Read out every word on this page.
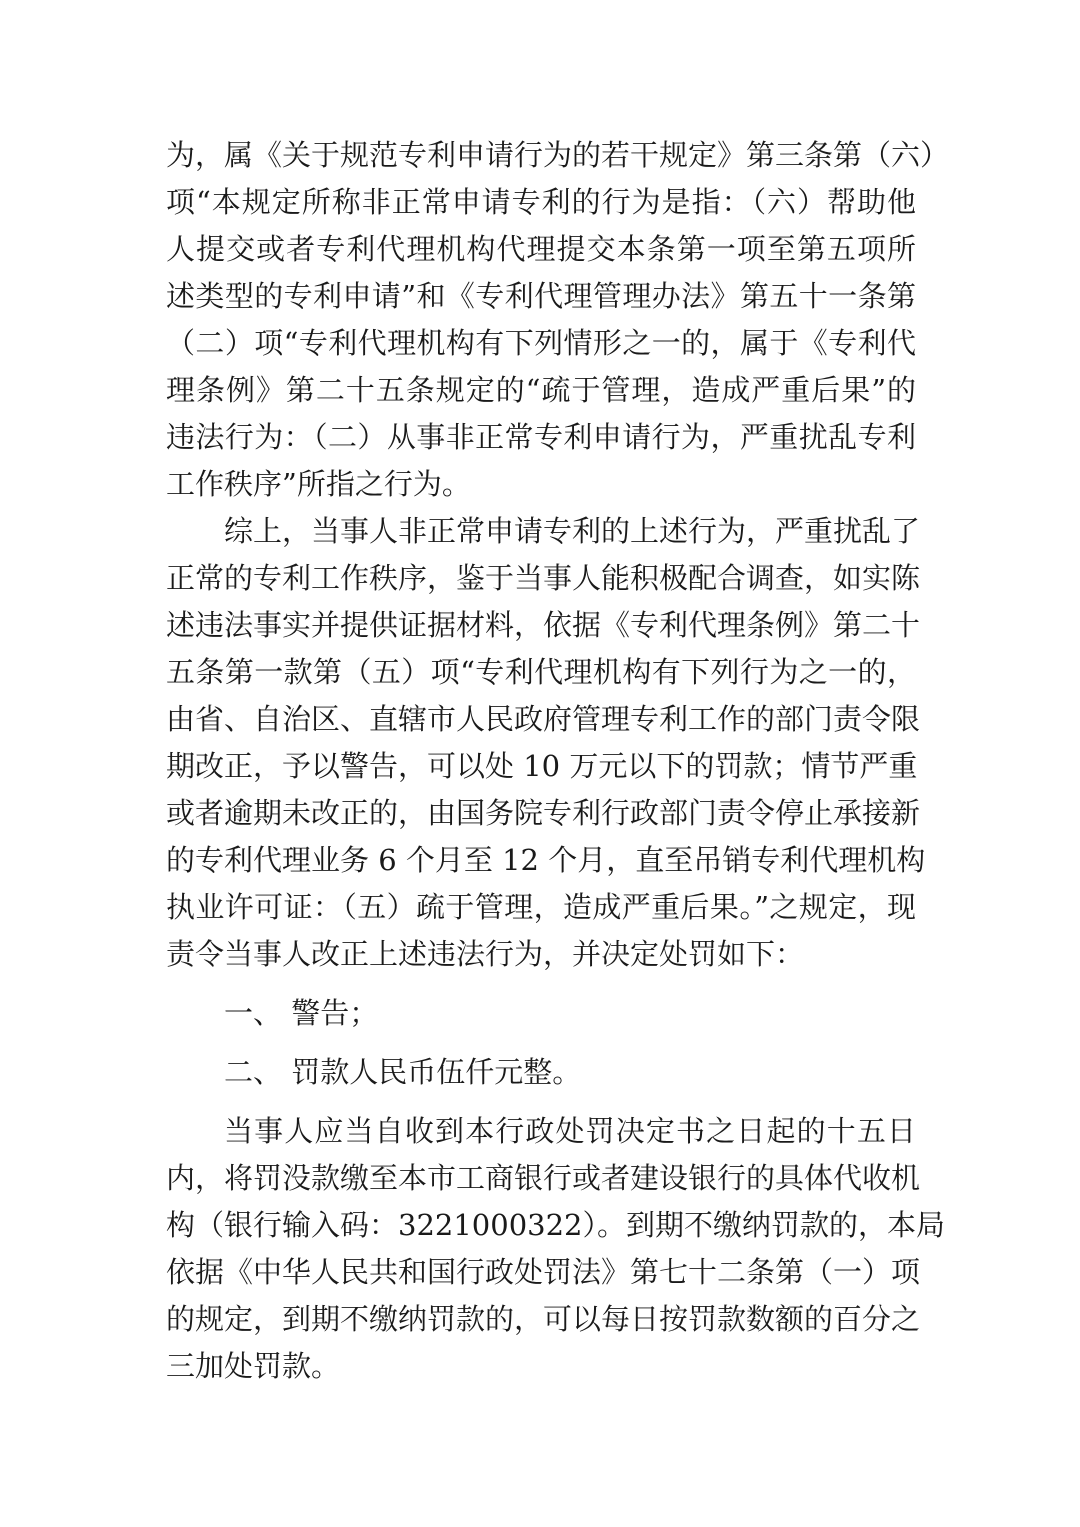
为，属《关于规范专利申请行为的若干规定》第三条第（六）
项“本规定所称非正常申请专利的行为是指：（六）帮助他
人提交或者专利代理机构代理提交本条第一项至第五项所
述类型的专利申请”和《专利代理管理办法》第五十一条第
（二）项“专利代理机构有下列情形之一的，属于《专利代
理条例》第二十五条规定的“疏于管理，造成严重后果”的
违法行为：（二）从事非正常专利申请行为，严重扰乱专利
工作秩序”所指之行为。
综上，当事人非正常申请专利的上述行为，严重扰乱了
正常的专利工作秩序，鉴于当事人能积极配合调查，如实陈
述违法事实并提供证据材料，依据《专利代理条例》第二十
五条第一款第（五）项“专利代理机构有下列行为之一的，
由省、自治区、直辖市人民政府管理专利工作的部门责令限
期改正，予以警告，可以处 10 万元以下的罚款；情节严重
或者逾期未改正的，由国务院专利行政部门责令停止承接新
的专利代理业务 6 个月至 12 个月，直至吊销专利代理机构
执业许可证：（五）疏于管理，造成严重后果。”之规定，现
责令当事人改正上述违法行为，并决定处罚如下：
一、 警告；
二、 罚款人民币伍仟元整。
当事人应当自收到本行政处罚决定书之日起的十五日
内，将罚没款缴至本市工商银行或者建设银行的具体代收机
构（银行输入码：3221000322）。到期不缴纳罚款的，本局
依据《中华人民共和国行政处罚法》第七十二条第（一）项
的规定，到期不缴纳罚款的，可以每日按罚款数额的百分之
三加处罚款。
